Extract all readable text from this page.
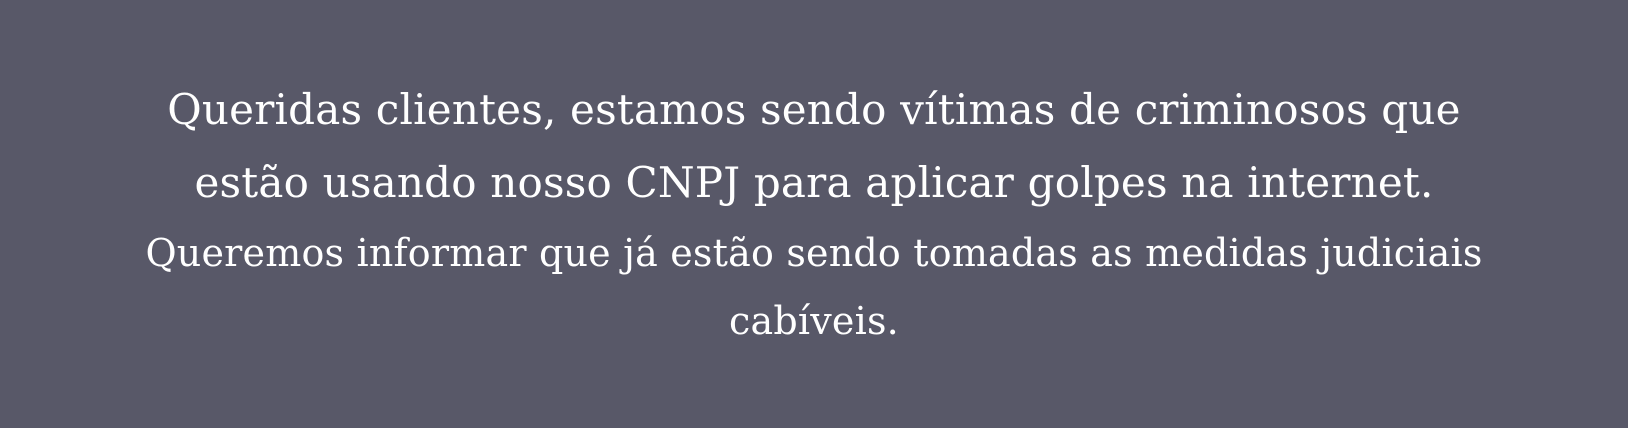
Queridas clientes, estamos sendo vítimas de criminosos que

estão usando nosso CNPJ para aplicar golpes na internet.

Queremos informar que já estão sendo tomadas as medidas judiciais

cabíveis.
